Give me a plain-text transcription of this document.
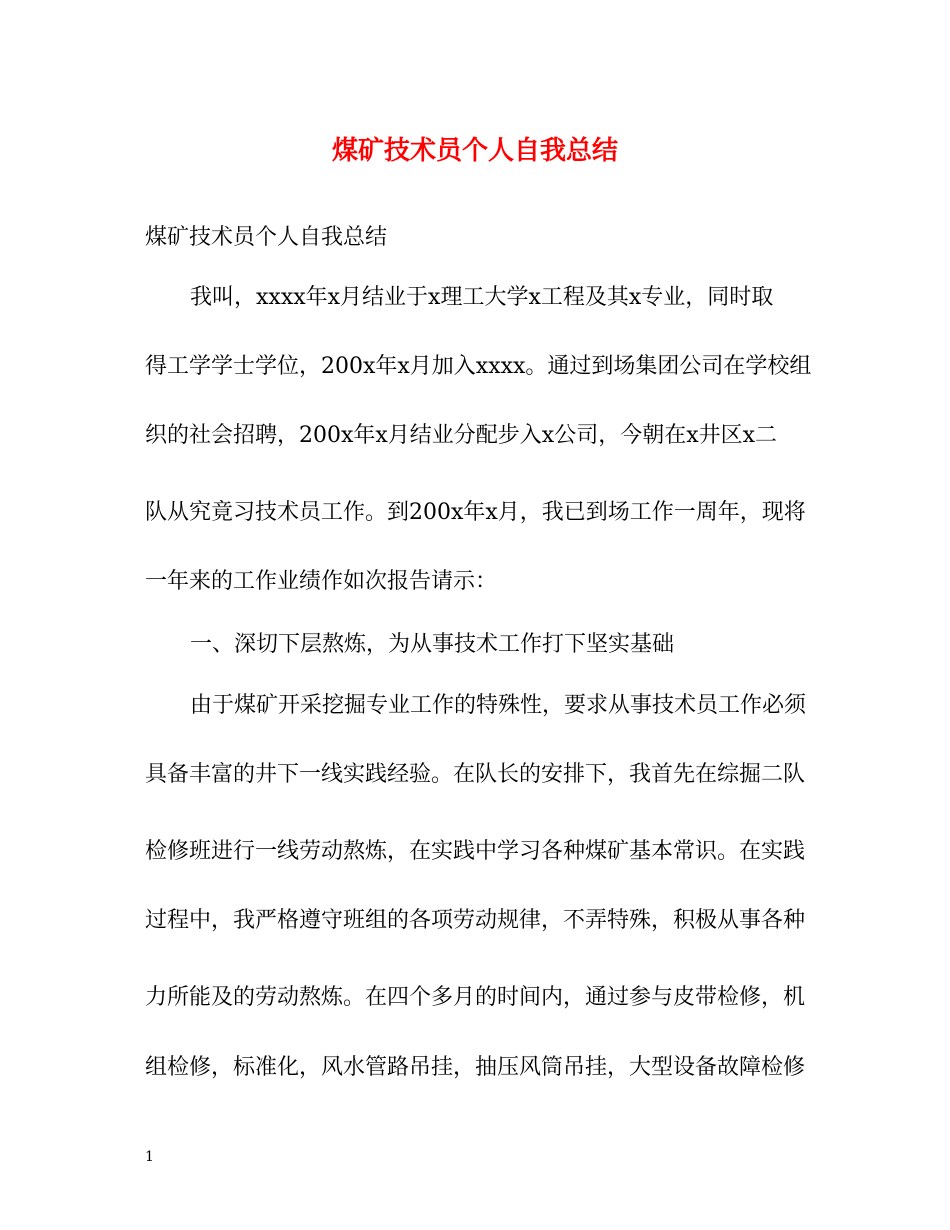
煤矿技术员个人自我总结
煤矿技术员个人自我总结
我叫，xxxx年x月结业于x理工大学x工程及其x专业，同时取
得工学学士学位，200x年x月加入xxxx。通过到场集团公司在学校组
织的社会招聘，200x年x月结业分配步入x公司，今朝在x井区x二
队从究竟习技术员工作。到200x年x月，我已到场工作一周年，现将
一年来的工作业绩作如次报告请示：
一、深切下层熬炼，为从事技术工作打下坚实基础
由于煤矿开采挖掘专业工作的特殊性，要求从事技术员工作必须
具备丰富的井下一线实践经验。在队长的安排下，我首先在综掘二队
检修班进行一线劳动熬炼，在实践中学习各种煤矿基本常识。在实践
过程中，我严格遵守班组的各项劳动规律，不弄特殊，积极从事各种
力所能及的劳动熬炼。在四个多月的时间内，通过参与皮带检修，机
组检修，标准化，风水管路吊挂，抽压风筒吊挂，大型设备故障检修
1
